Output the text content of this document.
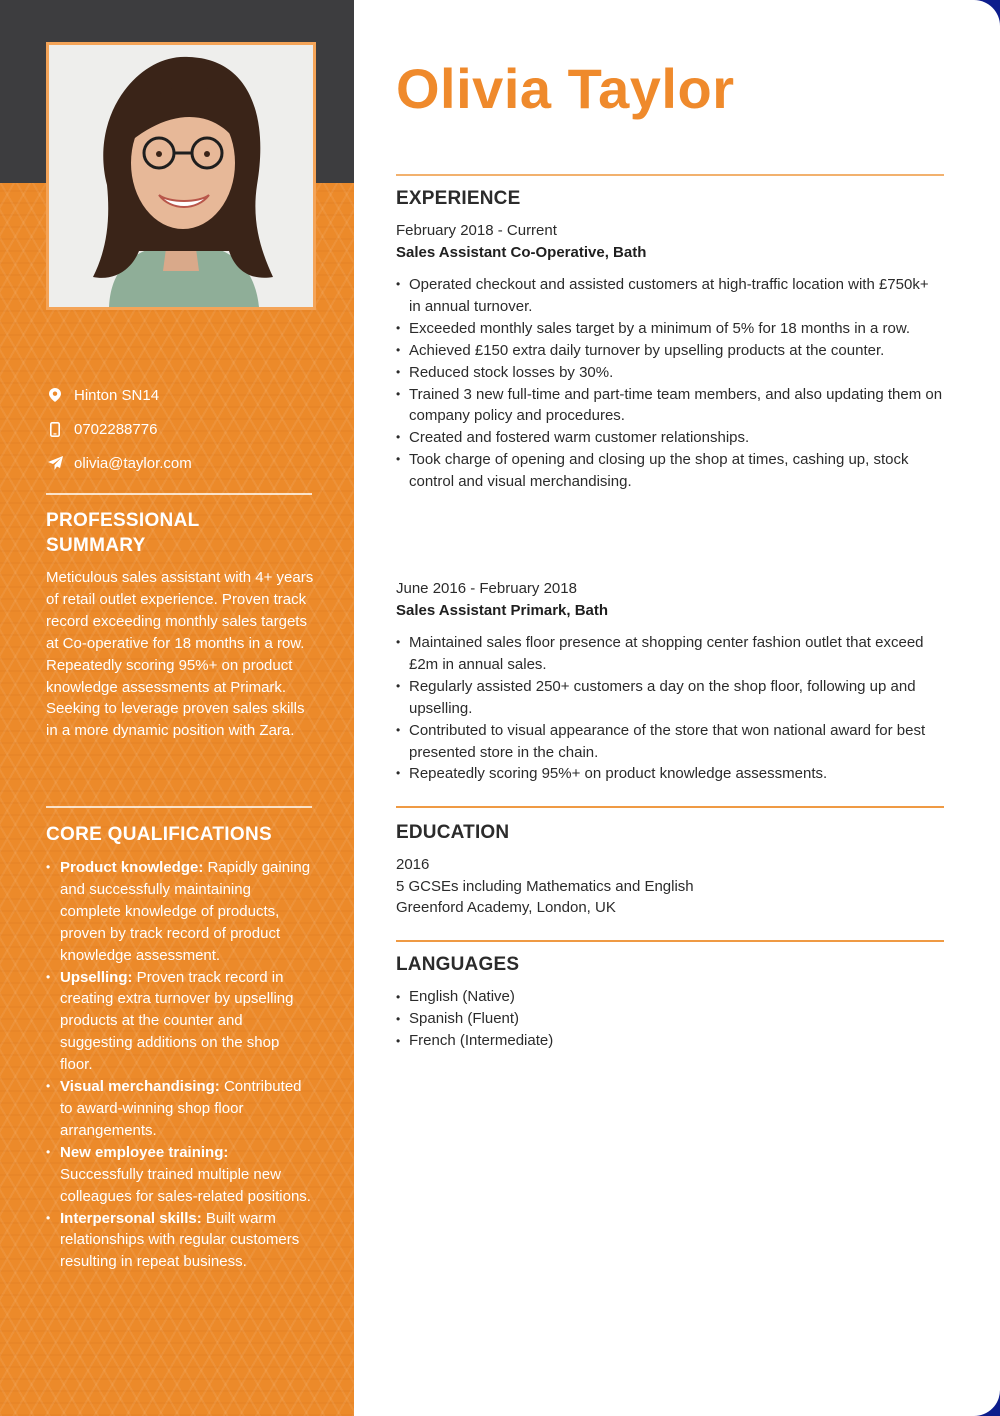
Hinton SN14
0702288776
olivia@taylor.com
PROFESSIONAL SUMMARY
Meticulous sales assistant with 4+ years of retail outlet experience. Proven track record exceeding monthly sales targets at Co-operative for 18 months in a row. Repeatedly scoring 95%+ on product knowledge assessments at Primark. Seeking to leverage proven sales skills in a more dynamic position with Zara.
CORE QUALIFICATIONS
• Product knowledge: Rapidly gaining and successfully maintaining complete knowledge of products, proven by track record of product knowledge assessment.
• Upselling: Proven track record in creating extra turnover by upselling products at the counter and suggesting additions on the shop floor.
• Visual merchandising: Contributed to award-winning shop floor arrangements.
• New employee training: Successfully trained multiple new colleagues for sales-related positions.
• Interpersonal skills: Built warm relationships with regular customers resulting in repeat business.
Olivia Taylor
EXPERIENCE
February 2018 - Current
Sales Assistant Co-Operative, Bath
• Operated checkout and assisted customers at high-traffic location with £750k+ in annual turnover.
• Exceeded monthly sales target by a minimum of 5% for 18 months in a row.
• Achieved £150 extra daily turnover by upselling products at the counter.
• Reduced stock losses by 30%.
• Trained 3 new full-time and part-time team members, and also updating them on company policy and procedures.
• Created and fostered warm customer relationships.
• Took charge of opening and closing up the shop at times, cashing up, stock control and visual merchandising.
June 2016 - February 2018
Sales Assistant Primark, Bath
• Maintained sales floor presence at shopping center fashion outlet that exceed £2m in annual sales.
• Regularly assisted 250+ customers a day on the shop floor, following up and upselling.
• Contributed to visual appearance of the store that won national award for best presented store in the chain.
• Repeatedly scoring 95%+ on product knowledge assessments.
EDUCATION
2016
5 GCSEs including Mathematics and English
Greenford Academy, London, UK
LANGUAGES
• English (Native)
• Spanish (Fluent)
• French (Intermediate)
